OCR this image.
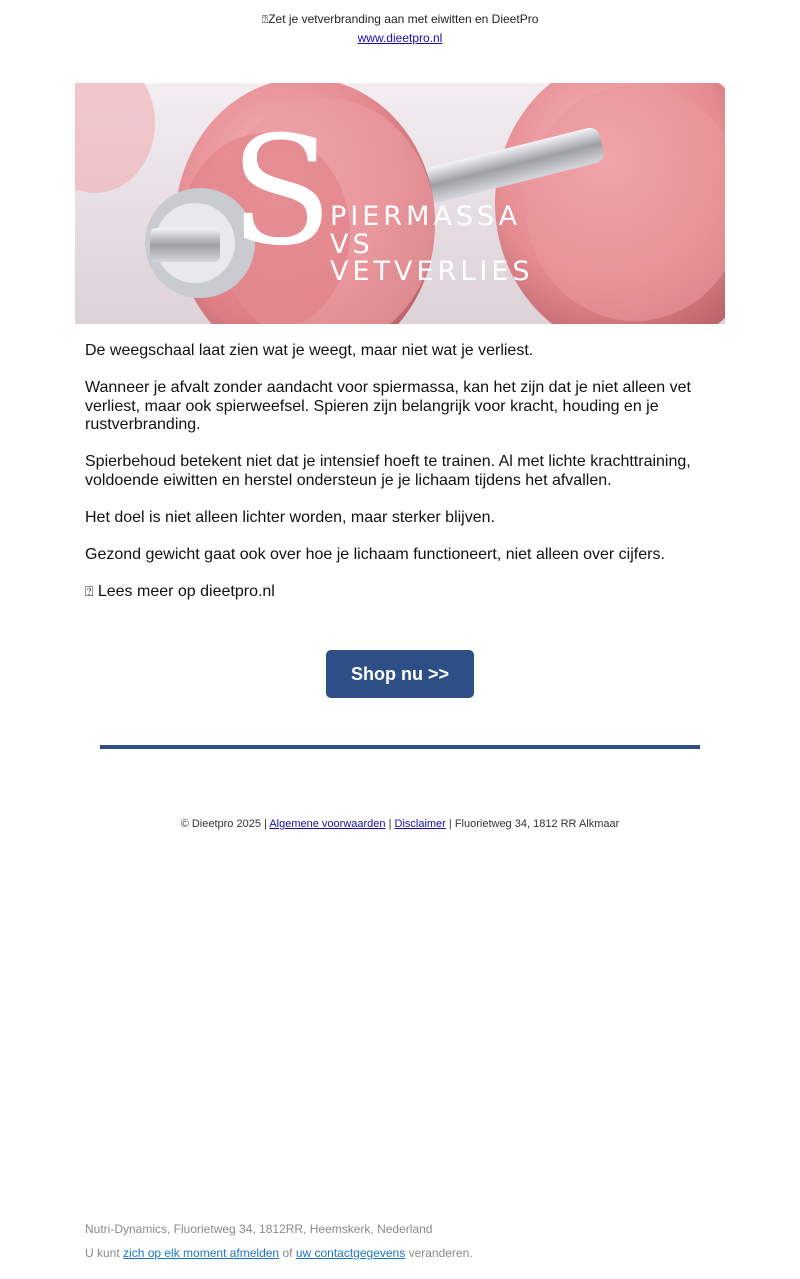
⍰Zet je vetverbranding aan met eiwitten en DieetPro
www.dieetpro.nl
S
PIERMASSA
VS
VETVERLIES

De weegschaal laat zien wat je weegt, maar niet wat je verliest.

Wanneer je afvalt zonder aandacht voor spiermassa, kan het zijn dat je niet alleen vet verliest, maar ook spierweefsel. Spieren zijn belangrijk voor kracht, houding en je rustverbranding.

Spierbehoud betekent niet dat je intensief hoeft te trainen. Al met lichte krachttraining, voldoende eiwitten en herstel ondersteun je je lichaam tijdens het afvallen.

Het doel is niet alleen lichter worden, maar sterker blijven.

Gezond gewicht gaat ook over hoe je lichaam functioneert, niet alleen over cijfers.

⍰ Lees meer op dieetpro.nl

Shop nu >>
© Dieetpro 2025 | Algemene voorwaarden | Disclaimer | Fluorietweg 34, 1812 RR Alkmaar
Nutri-Dynamics, Fluorietweg 34, 1812RR, Heemskerk, Nederland
U kunt zich op elk moment afmelden of uw contactgegevens veranderen.
